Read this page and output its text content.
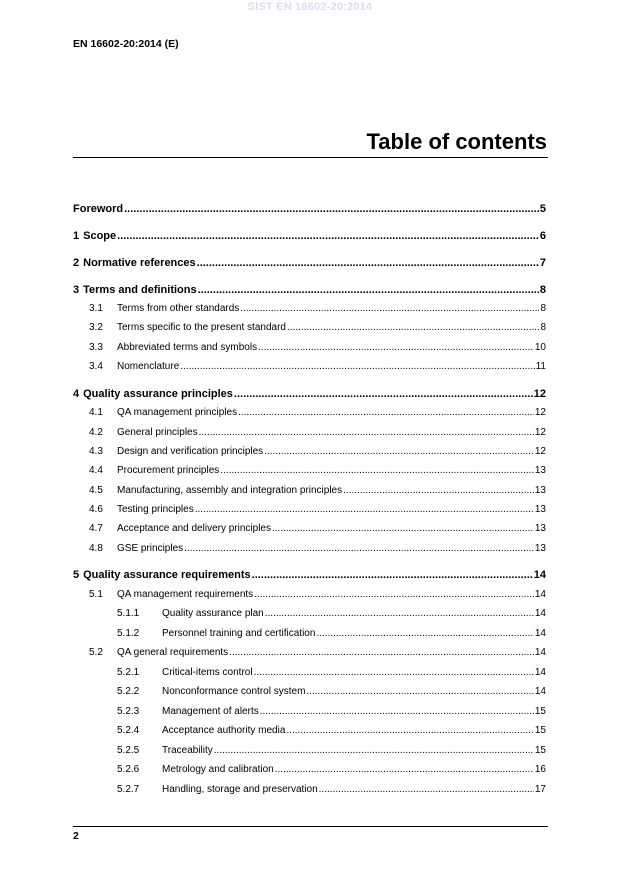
SIST EN 16602-20:2014
EN 16602-20:2014 (E)
Table of contents
Foreword .....	5
1 Scope .....	6
2 Normative references .....	7
3 Terms and definitions .....	8
3.1	Terms from other standards .....	8
3.2	Terms specific to the present standard .....	8
3.3	Abbreviated terms and symbols .....	10
3.4	Nomenclature .....	11
4 Quality assurance principles .....	12
4.1	QA management principles .....	12
4.2	General principles .....	12
4.3	Design and verification principles .....	12
4.4	Procurement principles .....	13
4.5	Manufacturing, assembly and integration principles .....	13
4.6	Testing principles .....	13
4.7	Acceptance and delivery principles .....	13
4.8	GSE principles .....	13
5 Quality assurance requirements .....	14
5.1	QA management requirements .....	14
5.1.1	Quality assurance plan .....	14
5.1.2	Personnel training and certification .....	14
5.2	QA general requirements .....	14
5.2.1	Critical-items control .....	14
5.2.2	Nonconformance control system .....	14
5.2.3	Management of alerts .....	15
5.2.4	Acceptance authority media .....	15
5.2.5	Traceability .....	15
5.2.6	Metrology and calibration .....	16
5.2.7	Handling, storage and preservation .....	17
2
